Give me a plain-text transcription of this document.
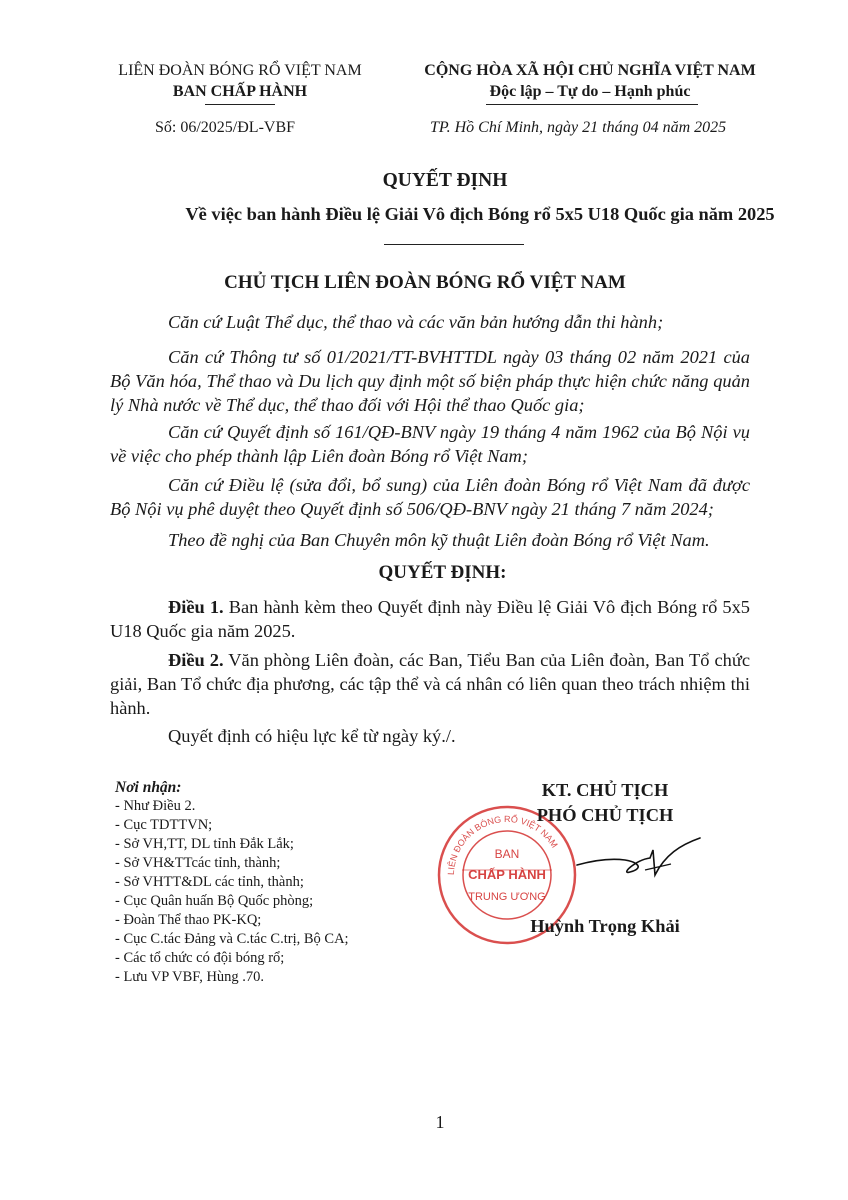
LIÊN ĐOÀN BÓNG RỔ VIỆT NAM
BAN CHẤP HÀNH
CỘNG HÒA XÃ HỘI CHỦ NGHĨA VIỆT NAM
Độc lập – Tự do – Hạnh phúc
Số: 06/2025/ĐL-VBF	TP. Hồ Chí Minh, ngày 21 tháng 04 năm 2025
QUYẾT ĐỊNH
Về việc ban hành Điều lệ Giải Vô địch Bóng rổ 5x5 U18 Quốc gia năm 2025
CHỦ TỊCH LIÊN ĐOÀN BÓNG RỔ VIỆT NAM
Căn cứ Luật Thể dục, thể thao và các văn bản hướng dẫn thi hành;
Căn cứ Thông tư số 01/2021/TT-BVHTTDL ngày 03 tháng 02 năm 2021 của Bộ Văn hóa, Thể thao và Du lịch quy định một số biện pháp thực hiện chức năng quản lý Nhà nước về Thể dục, thể thao đối với Hội thể thao Quốc gia;
Căn cứ Quyết định số 161/QĐ-BNV ngày 19 tháng 4 năm 1962 của Bộ Nội vụ về việc cho phép thành lập Liên đoàn Bóng rổ Việt Nam;
Căn cứ Điều lệ (sửa đổi, bổ sung) của Liên đoàn Bóng rổ Việt Nam đã được Bộ Nội vụ phê duyệt theo Quyết định số 506/QĐ-BNV ngày 21 tháng 7 năm 2024;
Theo đề nghị của Ban Chuyên môn kỹ thuật Liên đoàn Bóng rổ Việt Nam.
QUYẾT ĐỊNH:
Điều 1. Ban hành kèm theo Quyết định này Điều lệ Giải Vô địch Bóng rổ 5x5 U18 Quốc gia năm 2025.
Điều 2. Văn phòng Liên đoàn, các Ban, Tiểu Ban của Liên đoàn, Ban Tổ chức giải, Ban Tổ chức địa phương, các tập thể và cá nhân có liên quan theo trách nhiệm thi hành.
Quyết định có hiệu lực kể từ ngày ký./.
Nơi nhận:
- Như Điều 2.
- Cục TDTTVN;
- Sở VH,TT, DL tỉnh Đắk Lắk;
- Sở VH&TTcác tỉnh, thành;
- Sở VHTT&DL các tỉnh, thành;
- Cục Quân huấn Bộ Quốc phòng;
- Đoàn Thể thao PK-KQ;
- Cục C.tác Đảng và C.tác C.trị, Bộ CA;
- Các tổ chức có đội bóng rổ;
- Lưu VP VBF, Hùng .70.
LIÊN ĐOÀN BÓNG RỔ VIỆT NAM
BAN
CHẤP HÀNH
TRUNG ƯƠNG
KT. CHỦ TỊCH
PHÓ CHỦ TỊCH
Huỳnh Trọng Khải
1
